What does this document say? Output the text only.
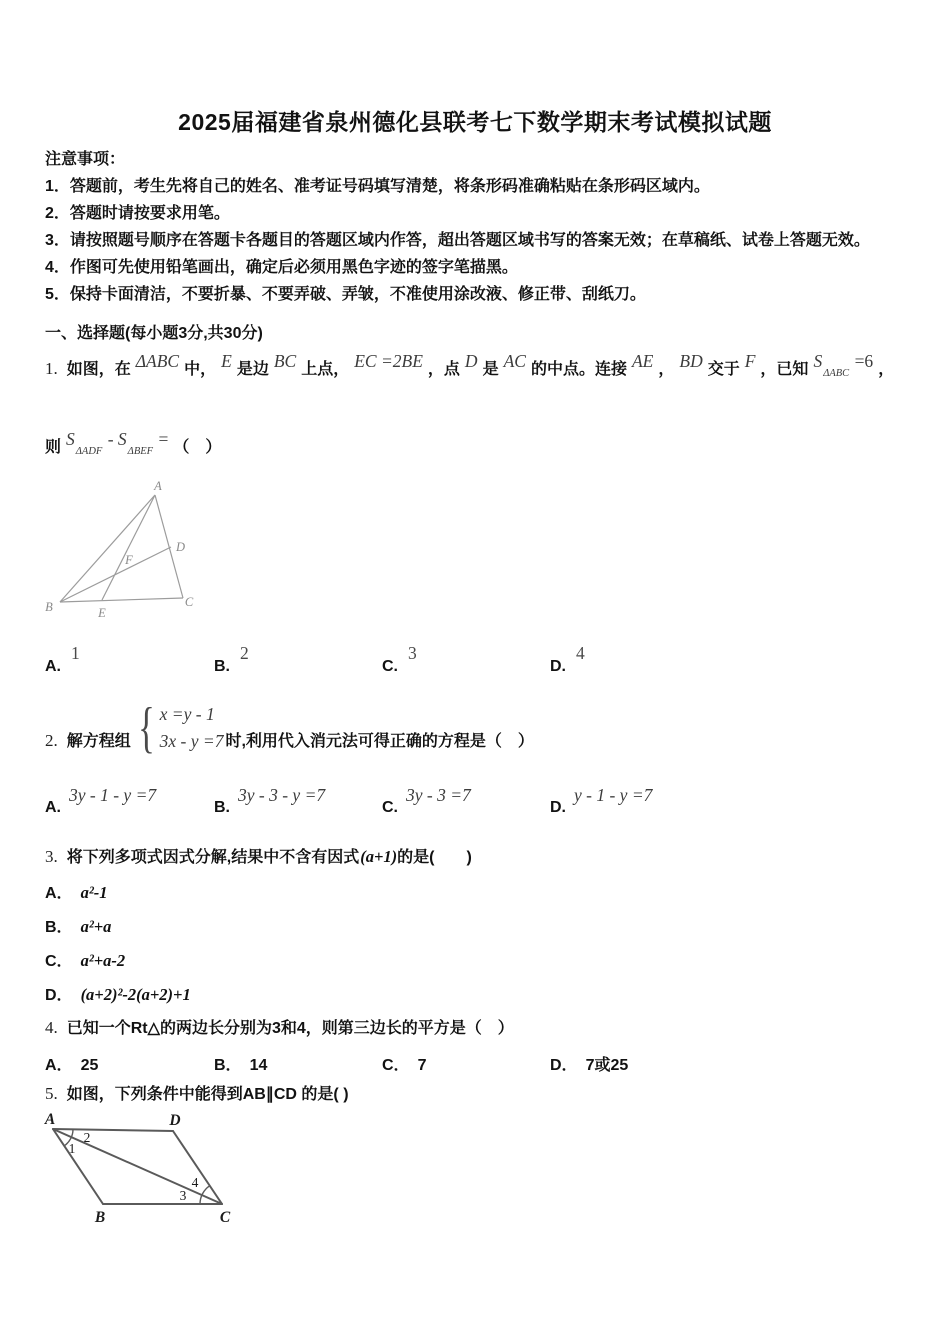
2025届福建省泉州德化县联考七下数学期末考试模拟试题
注意事项：
1．答题前，考生先将自己的姓名、准考证号码填写清楚，将条形码准确粘贴在条形码区域内。
2．答题时请按要求用笔。
3．请按照题号顺序在答题卡各题目的答题区域内作答，超出答题区域书写的答案无效；在草稿纸、试卷上答题无效。
4．作图可先使用铅笔画出，确定后必须用黑色字迹的签字笔描黑。
5．保持卡面清洁，不要折暴、不要弄破、弄皱，不准使用涂改液、修正带、刮纸刀。
一、选择题(每小题3分,共30分)
1. 如图，在 ΔABC 中， E 是边 BC 上点， EC =2BE ，点 D 是 AC 的中点。连接 AE ， BD 交于 F ，已知 $S_{\Delta ABC} =6$ ，
则 $S_{\Delta ADF} - S_{\Delta BEF}$ = （　）
A
B	C
D
E
F
A.1
B.2
C.3
D.4
2. 解方程组 { x =y - 1
3x - y =7 时,利用代入消元法可得正确的方程是（　）
A.3y - 1 - y =7
B.3y - 3 - y =7
C.3y - 3 =7
D.y - 1 - y =7
3. 将下列多项式因式分解,结果中不含有因式(a+1)的是(　　)
A． a²-1
B． a²+a
C． a²+a-2
D． (a+2)²-2(a+2)+1
4. 已知一个Rt△的两边长分别为3和4，则第三边长的平方是（　）
A． 25	B． 14	C． 7	D． 7或25
5. 如图，下列条件中能得到AB∥CD 的是( )
A	D
B	C
1
2
3
4
